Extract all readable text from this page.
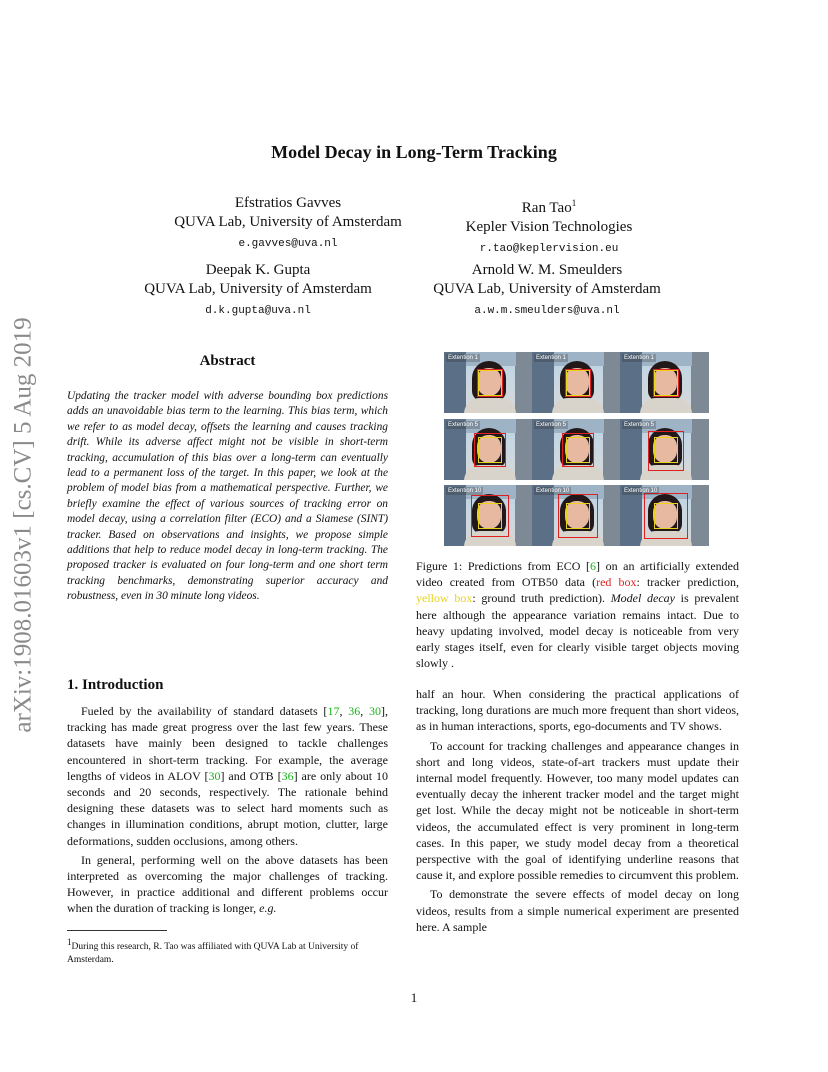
arXiv:1908.01603v1 [cs.CV] 5 Aug 2019
Model Decay in Long-Term Tracking
Efstratios Gavves
QUVA Lab, University of Amsterdam
e.gavves@uva.nl
Ran Tao$^1$
Kepler Vision Technologies
r.tao@keplervision.eu
Deepak K. Gupta
QUVA Lab, University of Amsterdam
d.k.gupta@uva.nl
Arnold W. M. Smeulders
QUVA Lab, University of Amsterdam
a.w.m.smeulders@uva.nl
Abstract
Updating the tracker model with adverse bounding box predictions adds an unavoidable bias term to the learning. This bias term, which we refer to as model decay, offsets the learning and causes tracking drift. While its adverse affect might not be visible in short-term tracking, accumulation of this bias over a long-term can eventually lead to a permanent loss of the target. In this paper, we look at the problem of model bias from a mathematical perspective. Further, we briefly examine the effect of various sources of tracking error on model decay, using a correlation filter (ECO) and a Siamese (SINT) tracker. Based on observations and insights, we propose simple additions that help to reduce model decay in long-term tracking. The proposed tracker is evaluated on four long-term and one short term tracking benchmarks, demonstrating superior accuracy and robustness, even in 30 minute long videos.
Extention 1	Extention 1	Extention 1
Extention 5	Extention 5	Extention 5
Extention 10	Extention 10	Extention 10
Figure 1: Predictions from ECO [6] on an artificially extended video created from OTB50 data (red box: tracker prediction, yellow box: ground truth prediction). Model decay is prevalent here although the appearance variation remains intact. Due to heavy updating involved, model decay is noticeable from very early stages itself, even for clearly visible target objects moving slowly .
1. Introduction

Fueled by the availability of standard datasets [17, 36, 30], tracking has made great progress over the last few years. These datasets have mainly been designed to tackle challenges encountered in short-term tracking. For example, the average lengths of videos in ALOV [30] and OTB [36] are only about 10 seconds and 20 seconds, respectively. The rationale behind designing these datasets was to select hard moments such as changes in illumination conditions, abrupt motion, clutter, large deformations, sudden occlusions, among others.

In general, performing well on the above datasets has been interpreted as overcoming the major challenges of tracking. However, in practice additional and different problems occur when the duration of tracking is longer, e.g.

$^1$During this research, R. Tao was affiliated with QUVA Lab at University of Amsterdam.

half an hour. When considering the practical applications of tracking, long durations are much more frequent than short videos, as in human interactions, sports, ego-documents and TV shows.

To account for tracking challenges and appearance changes in short and long videos, state-of-art trackers must update their internal model frequently. However, too many model updates can eventually decay the inherent tracker model and the target might get lost. While the decay might not be noticeable in short-term videos, the accumulated effect is very prominent in long-term cases. In this paper, we study model decay from a theoretical perspective with the goal of identifying underline reasons that cause it, and explore possible remedies to circumvent this problem.

To demonstrate the severe effects of model decay on long videos, results from a simple numerical experiment are presented here. A sample

1
